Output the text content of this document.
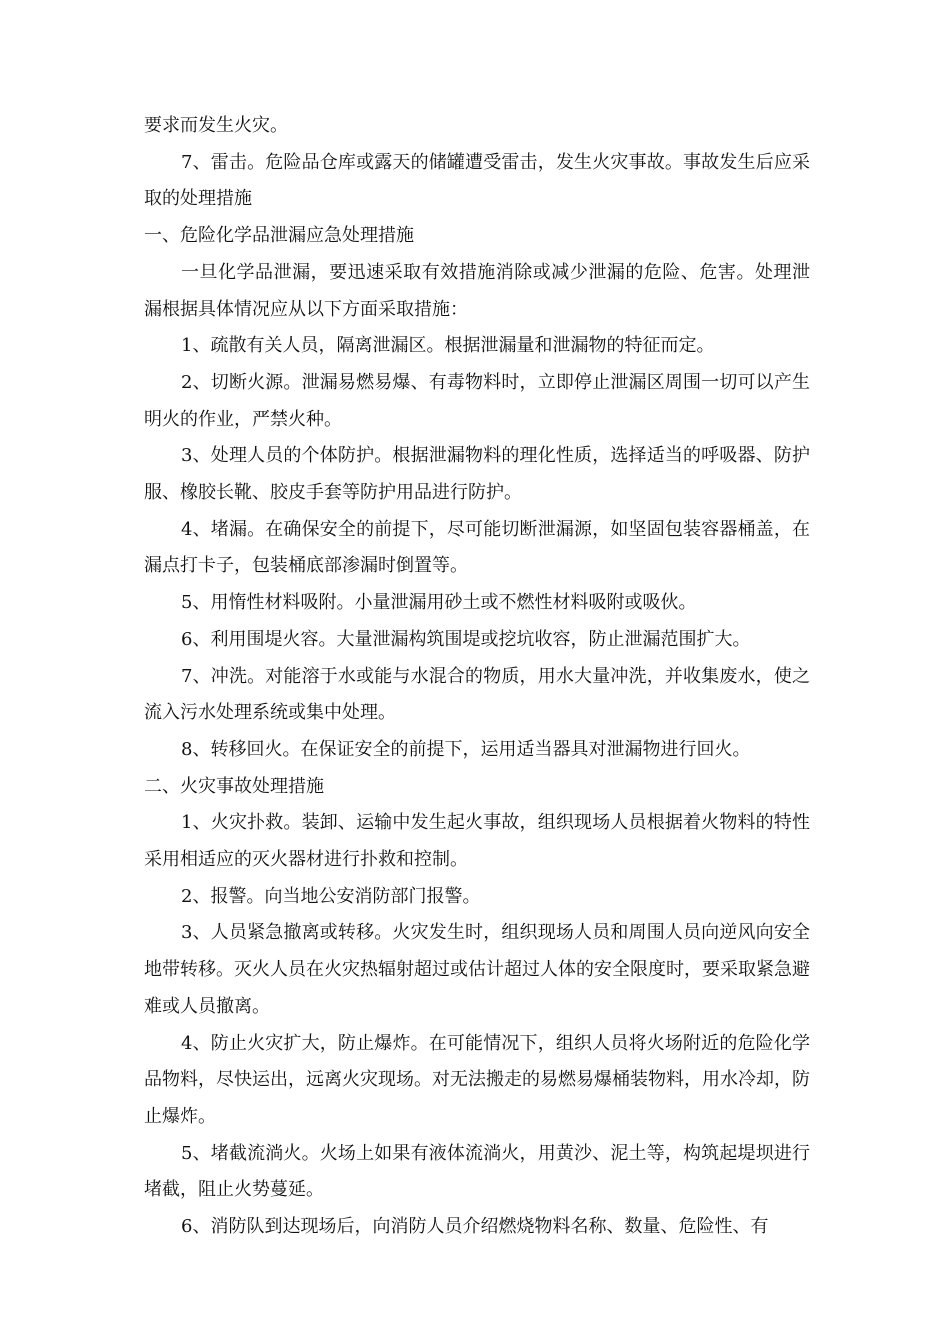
要求而发生火灾。

7、雷击。危险品仓库或露天的储罐遭受雷击，发生火灾事故。事故发生后应采取的处理措施

一、危险化学品泄漏应急处理措施

一旦化学品泄漏，要迅速采取有效措施消除或减少泄漏的危险、危害。处理泄漏根据具体情况应从以下方面采取措施：

1、疏散有关人员，隔离泄漏区。根据泄漏量和泄漏物的特征而定。

2、切断火源。泄漏易燃易爆、有毒物料时，立即停止泄漏区周围一切可以产生明火的作业，严禁火种。

3、处理人员的个体防护。根据泄漏物料的理化性质，选择适当的呼吸器、防护服、橡胶长靴、胶皮手套等防护用品进行防护。

4、堵漏。在确保安全的前提下，尽可能切断泄漏源，如坚固包装容器桶盖，在漏点打卡子，包装桶底部渗漏时倒置等。

5、用惰性材料吸附。小量泄漏用砂土或不燃性材料吸附或吸伙。

6、利用围堤火容。大量泄漏构筑围堤或挖坑收容，防止泄漏范围扩大。

7、冲洗。对能溶于水或能与水混合的物质，用水大量冲洗，并收集废水，使之流入污水处理系统或集中处理。

8、转移回火。在保证安全的前提下，运用适当器具对泄漏物进行回火。

二、火灾事故处理措施

1、火灾扑救。装卸、运输中发生起火事故，组织现场人员根据着火物料的特性采用相适应的灭火器材进行扑救和控制。

2、报警。向当地公安消防部门报警。

3、人员紧急撤离或转移。火灾发生时，组织现场人员和周围人员向逆风向安全地带转移。灭火人员在火灾热辐射超过或估计超过人体的安全限度时，要采取紧急避难或人员撤离。

4、防止火灾扩大，防止爆炸。在可能情况下，组织人员将火场附近的危险化学品物料，尽快运出，远离火灾现场。对无法搬走的易燃易爆桶装物料，用水冷却，防止爆炸。

5、堵截流淌火。火场上如果有液体流淌火，用黄沙、泥土等，构筑起堤坝进行堵截，阻止火势蔓延。

6、消防队到达现场后，向消防人员介绍燃烧物料名称、数量、危险性、有
